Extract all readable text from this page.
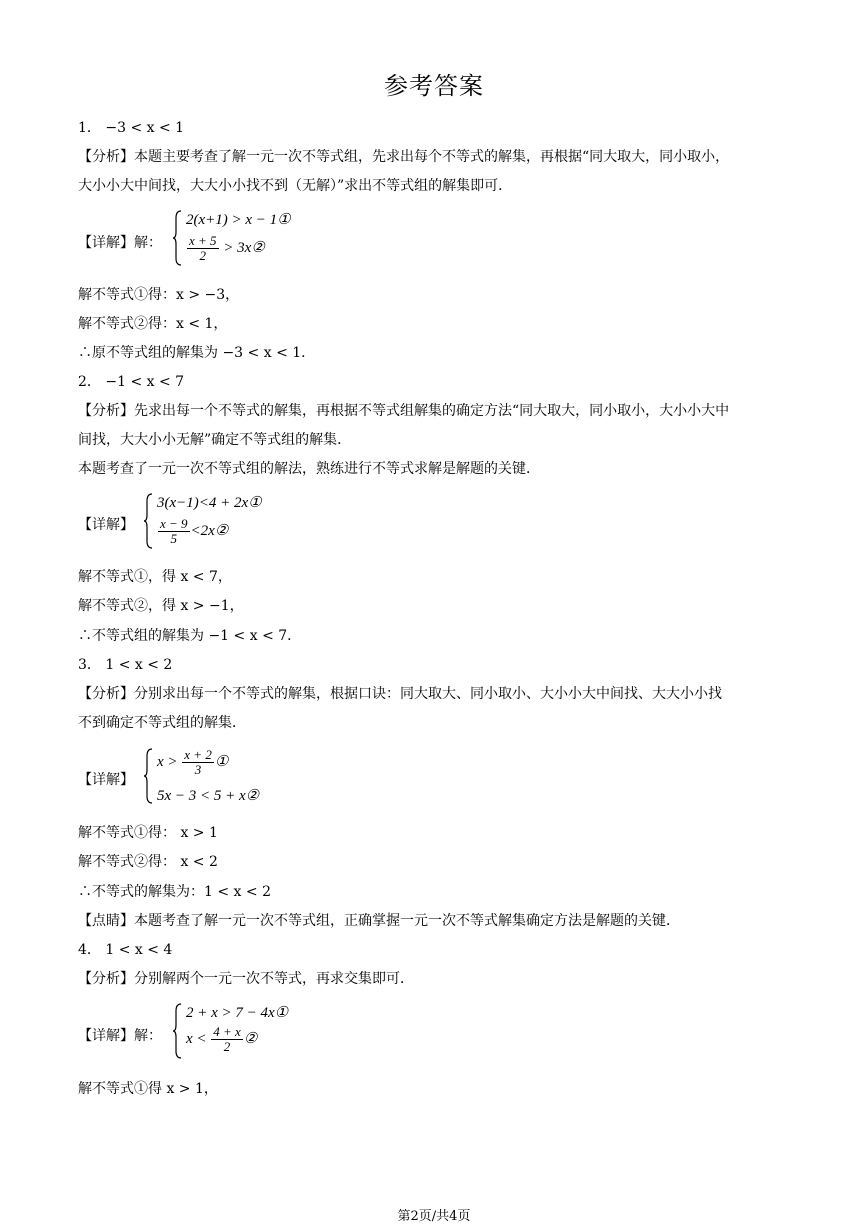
参考答案
1． −3 < x < 1
【分析】本题主要考查了解一元一次不等式组，先求出每个不等式的解集，再根据“同大取大，同小取小，
大小小大中间找，大大小小找不到（无解）”求出不等式组的解集即可．
【详解】解：
2(x+1) > x − 1①
$\frac{x + 5}{2}$ > 3x②
解不等式①得：x > −3，
解不等式②得：x < 1，
∴原不等式组的解集为 −3 < x < 1．
2． −1 < x < 7
【分析】先求出每一个不等式的解集，再根据不等式组解集的确定方法“同大取大，同小取小，大小小大中
间找，大大小小无解”确定不等式组的解集．
本题考查了一元一次不等式组的解法，熟练进行不等式求解是解题的关键．
【详解】
3(x−1)<4 + 2x①
$\frac{x - 9}{5}$ <2x②
解不等式①，得 x < 7，
解不等式②，得 x > −1，
∴不等式组的解集为 −1 < x < 7．
3． 1 < x < 2
【分析】分别求出每一个不等式的解集，根据口诀：同大取大、同小取小、大小小大中间找、大大小小找
不到确定不等式组的解集．
【详解】
$x > \frac{x + 2}{3}$ ①
5x − 3 < 5 + x②
解不等式①得： x > 1
解不等式②得： x < 2
∴不等式的解集为：1 < x < 2
【点睛】本题考查了解一元一次不等式组，正确掌握一元一次不等式解集确定方法是解题的关键．
4． 1 < x < 4
【分析】分别解两个一元一次不等式，再求交集即可．
【详解】解：
2 + x > 7 − 4x①
$x < \frac{4 + x}{2}$ ②
解不等式①得 x > 1，
第2页/共4页
